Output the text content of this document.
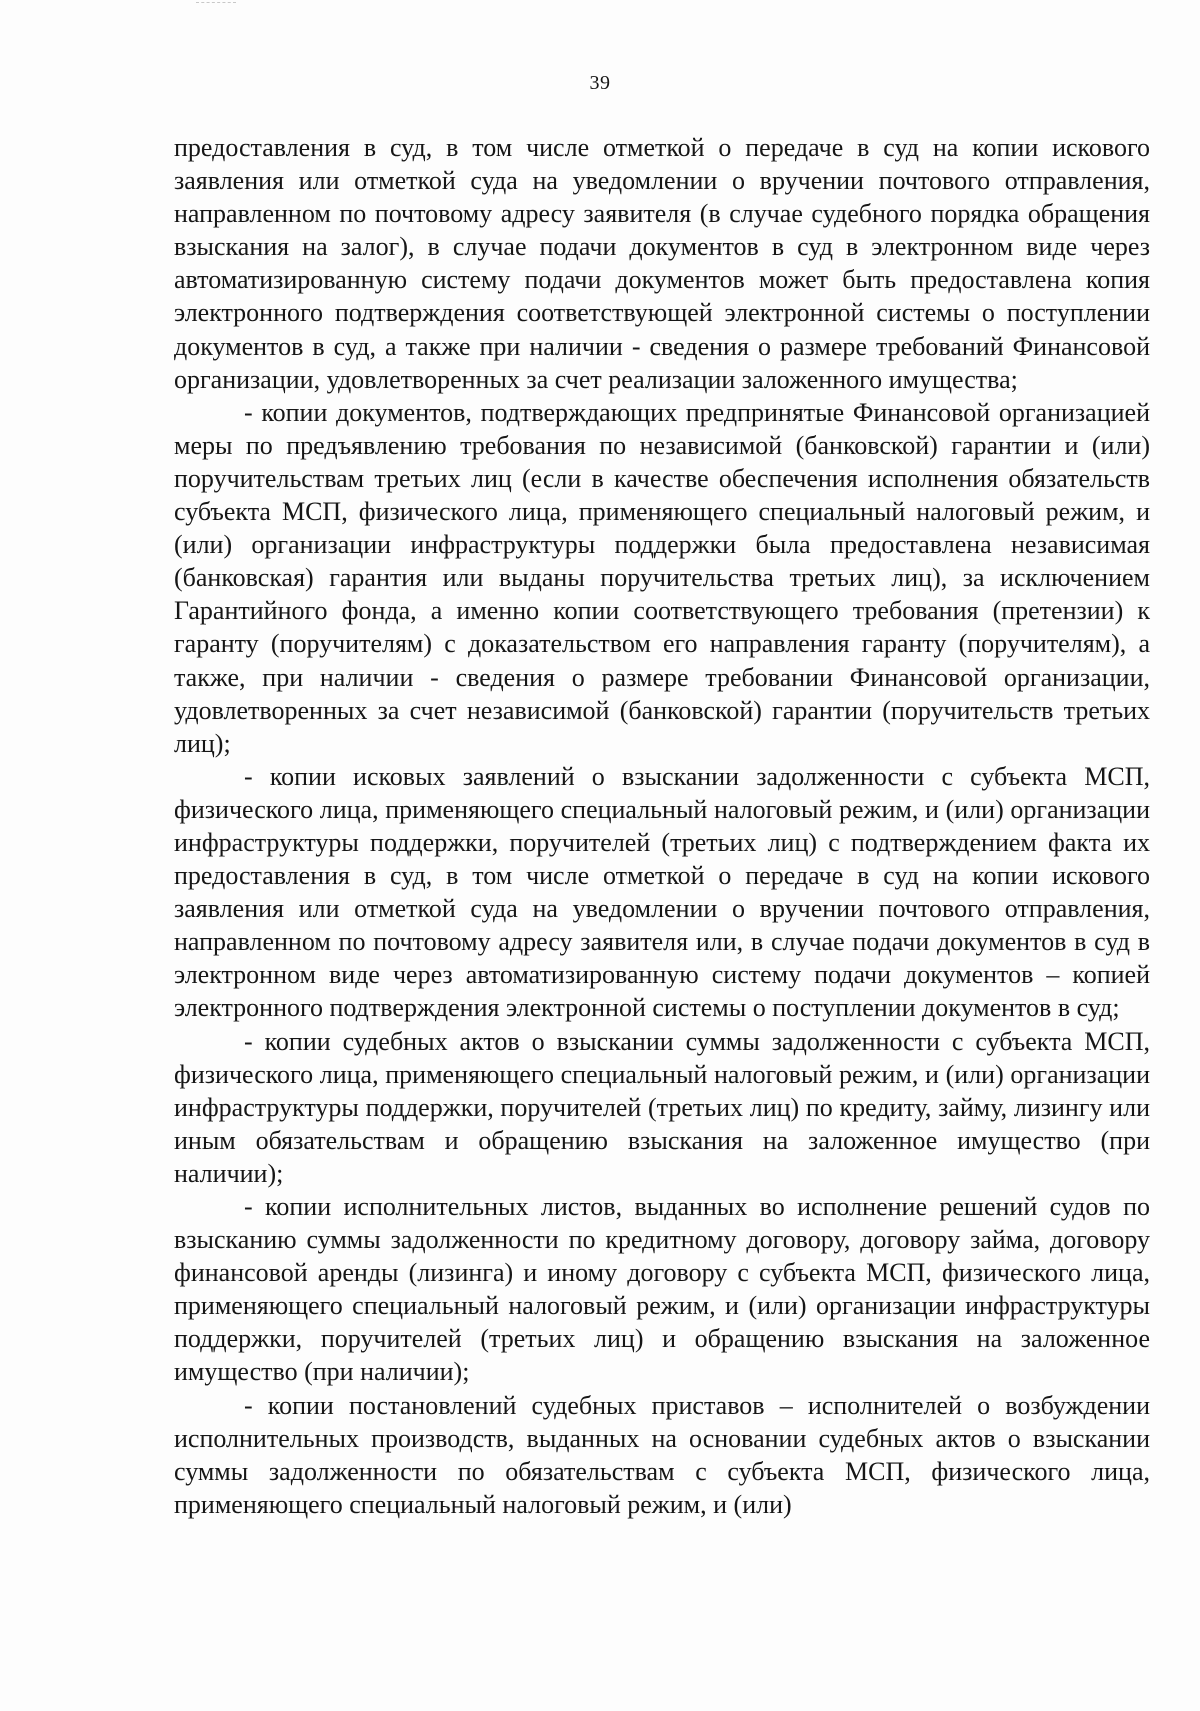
39

предоставления в суд, в том числе отметкой о передаче в суд на копии искового заявления или отметкой суда на уведомлении о вручении почтового отправления, направленном по почтовому адресу заявителя (в случае судебного порядка обращения взыскания на залог), в случае подачи документов в суд в электронном виде через автоматизированную систему подачи документов может быть предоставлена копия электронного подтверждения соответствующей электронной системы о поступлении документов в суд, а также при наличии - сведения о размере требований Финансовой организации, удовлетворенных за счет реализации заложенного имущества;

- копии документов, подтверждающих предпринятые Финансовой организацией меры по предъявлению требования по независимой (банковской) гарантии и (или) поручительствам третьих лиц (если в качестве обеспечения исполнения обязательств субъекта МСП, физического лица, применяющего специальный налоговый режим, и (или) организации инфраструктуры поддержки была предоставлена независимая (банковская) гарантия или выданы поручительства третьих лиц), за исключением Гарантийного фонда, а именно копии соответствующего требования (претензии) к гаранту (поручителям) с доказательством его направления гаранту (поручителям), а также, при наличии - сведения о размере требовании Финансовой организации, удовлетворенных за счет независимой (банковской) гарантии (поручительств третьих лиц);

- копии исковых заявлений о взыскании задолженности с субъекта МСП, физического лица, применяющего специальный налоговый режим, и (или) организации инфраструктуры поддержки, поручителей (третьих лиц) с подтверждением факта их предоставления в суд, в том числе отметкой о передаче в суд на копии искового заявления или отметкой суда на уведомлении о вручении почтового отправления, направленном по почтовому адресу заявителя или, в случае подачи документов в суд в электронном виде через автоматизированную систему подачи документов – копией электронного подтверждения электронной системы о поступлении документов в суд;

- копии судебных актов о взыскании суммы задолженности с субъекта МСП, физического лица, применяющего специальный налоговый режим, и (или) организации инфраструктуры поддержки, поручителей (третьих лиц) по кредиту, займу, лизингу или иным обязательствам и обращению взыскания на заложенное имущество (при наличии);

- копии исполнительных листов, выданных во исполнение решений судов по взысканию суммы задолженности по кредитному договору, договору займа, договору финансовой аренды (лизинга) и иному договору с субъекта МСП, физического лица, применяющего специальный налоговый режим, и (или) организации инфраструктуры поддержки, поручителей (третьих лиц) и обращению взыскания на заложенное имущество (при наличии);

- копии постановлений судебных приставов – исполнителей о возбуждении исполнительных производств, выданных на основании судебных актов о взыскании суммы задолженности по обязательствам с субъекта МСП, физического лица, применяющего специальный налоговый режим, и (или)
